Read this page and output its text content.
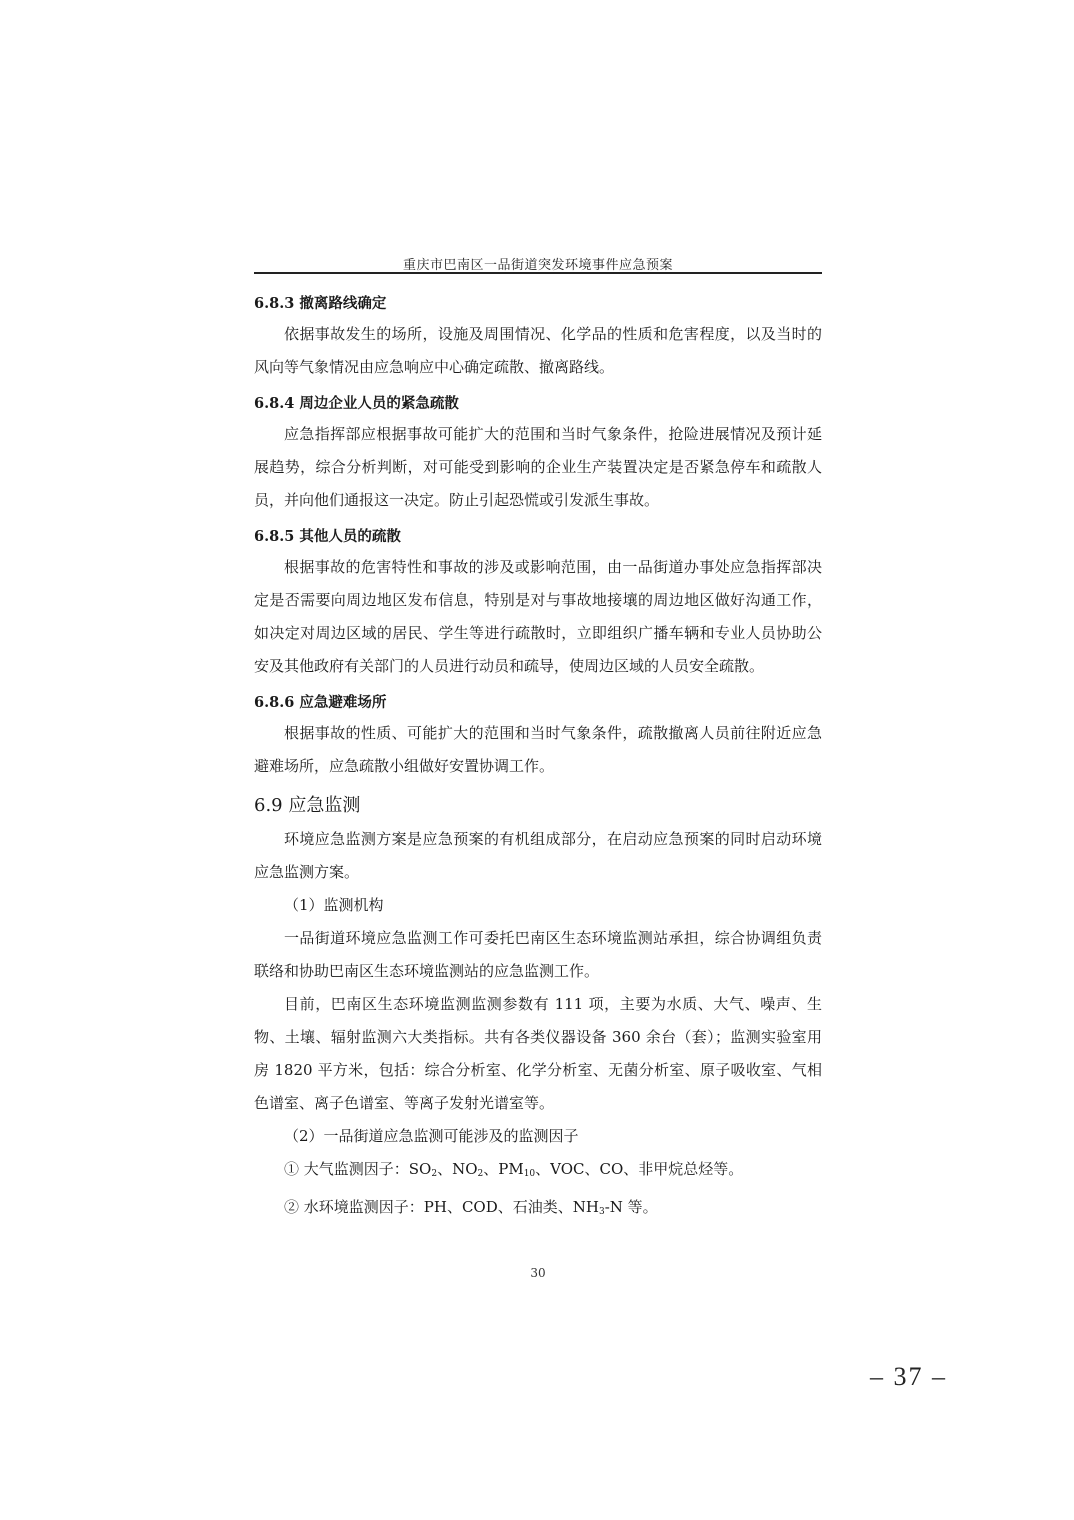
重庆市巴南区一品街道突发环境事件应急预案
6.8.3 撤离路线确定

依据事故发生的场所，设施及周围情况、化学品的性质和危害程度，以及当时的风向等气象情况由应急响应中心确定疏散、撤离路线。

6.8.4 周边企业人员的紧急疏散

应急指挥部应根据事故可能扩大的范围和当时气象条件，抢险进展情况及预计延展趋势，综合分析判断，对可能受到影响的企业生产装置决定是否紧急停车和疏散人员，并向他们通报这一决定。防止引起恐慌或引发派生事故。

6.8.5 其他人员的疏散

根据事故的危害特性和事故的涉及或影响范围，由一品街道办事处应急指挥部决定是否需要向周边地区发布信息，特别是对与事故地接壤的周边地区做好沟通工作，如决定对周边区域的居民、学生等进行疏散时，立即组织广播车辆和专业人员协助公安及其他政府有关部门的人员进行动员和疏导，使周边区域的人员安全疏散。

6.8.6 应急避难场所

根据事故的性质、可能扩大的范围和当时气象条件，疏散撤离人员前往附近应急避难场所，应急疏散小组做好安置协调工作。

6.9 应急监测

环境应急监测方案是应急预案的有机组成部分，在启动应急预案的同时启动环境应急监测方案。

（1）监测机构

一品街道环境应急监测工作可委托巴南区生态环境监测站承担，综合协调组负责联络和协助巴南区生态环境监测站的应急监测工作。

目前，巴南区生态环境监测监测参数有 111 项，主要为水质、大气、噪声、生物、土壤、辐射监测六大类指标。共有各类仪器设备 360 余台（套）；监测实验室用房 1820 平方米，包括：综合分析室、化学分析室、无菌分析室、原子吸收室、气相色谱室、离子色谱室、等离子发射光谱室等。

（2）一品街道应急监测可能涉及的监测因子

① 大气监测因子：$SO_2$、$NO_2$、$PM_{10}$、VOC、CO、非甲烷总烃等。

② 水环境监测因子：PH、COD、石油类、$NH_3-N$ 等。

30
– 37 –
